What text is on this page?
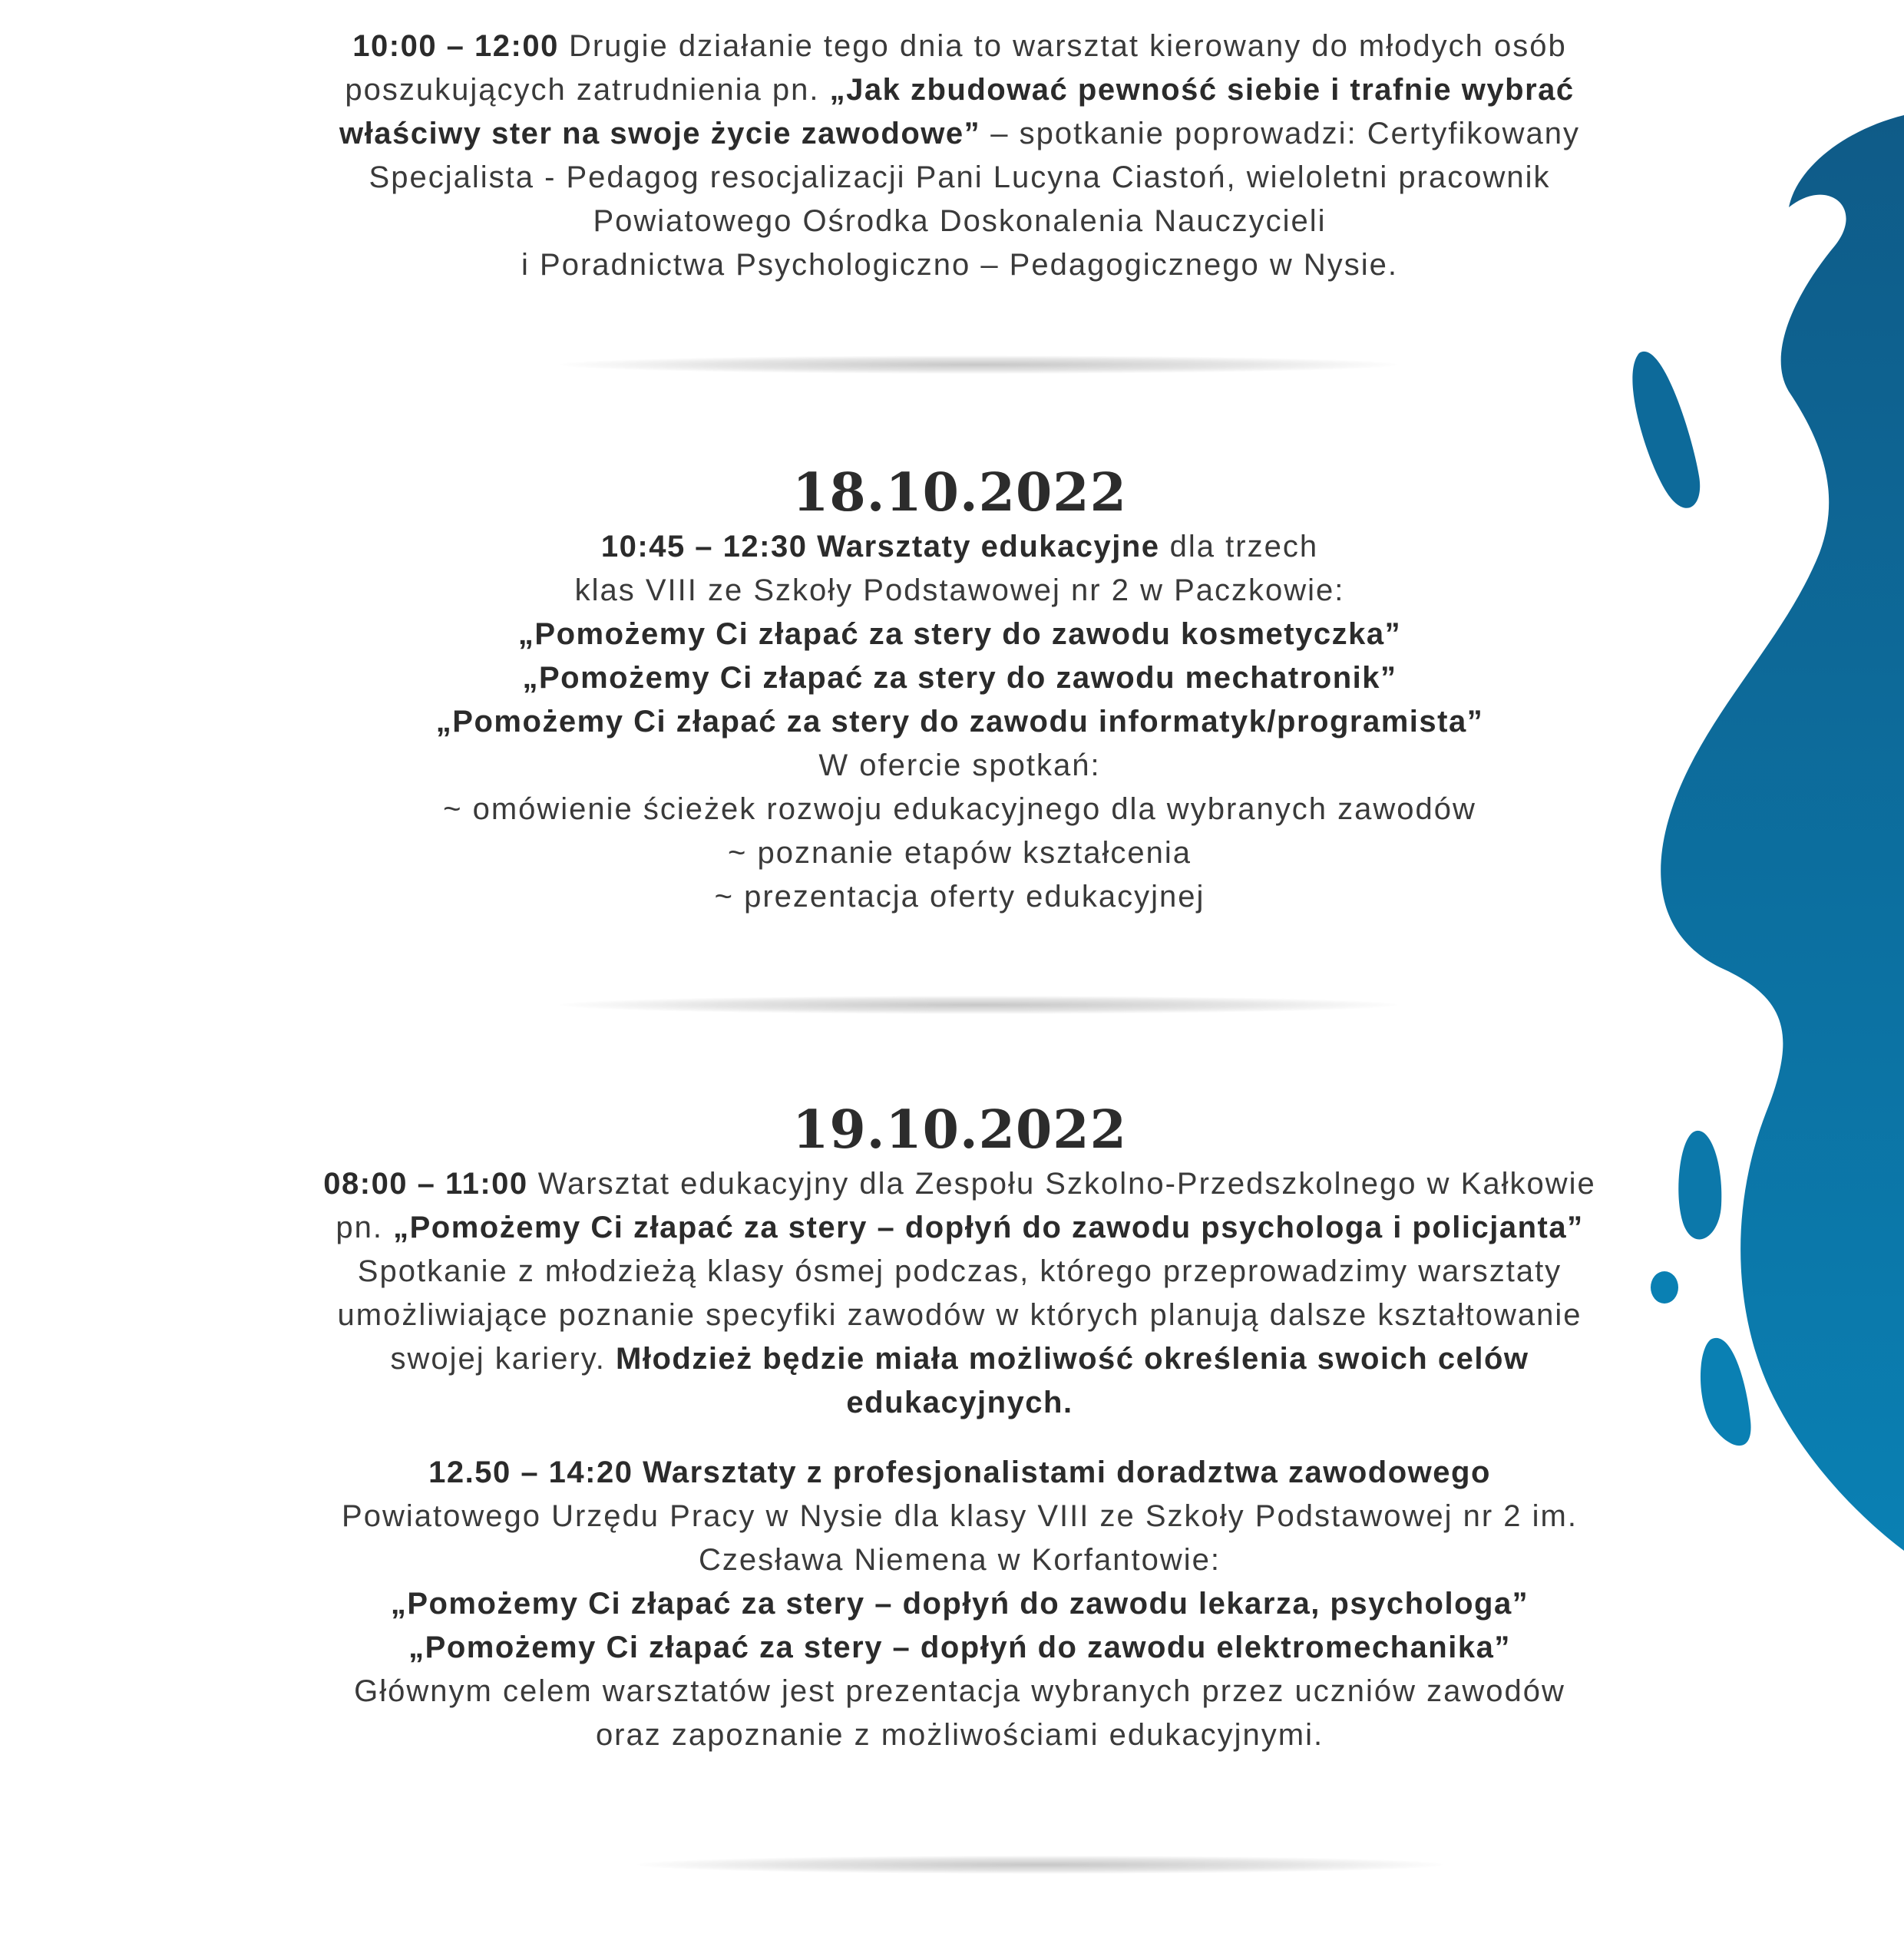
10:00 – 12:00 Drugie działanie tego dnia to warsztat kierowany do młodych osób
poszukujących zatrudnienia pn. „Jak zbudować pewność siebie i trafnie wybrać
właściwy ster na swoje życie zawodowe” – spotkanie poprowadzi: Certyfikowany
Specjalista - Pedagog resocjalizacji Pani Lucyna Ciastoń, wieloletni pracownik
Powiatowego Ośrodka Doskonalenia Nauczycieli
i Poradnictwa Psychologiczno – Pedagogicznego w Nysie.
18.10.2022
10:45 – 12:30 Warsztaty edukacyjne dla trzech
klas VIII ze Szkoły Podstawowej nr 2 w Paczkowie:
„Pomożemy Ci złapać za stery do zawodu kosmetyczka”
„Pomożemy Ci złapać za stery do zawodu mechatronik”
„Pomożemy Ci złapać za stery do zawodu informatyk/programista”
W ofercie spotkań:
~ omówienie ścieżek rozwoju edukacyjnego dla wybranych zawodów
~ poznanie etapów kształcenia
~ prezentacja oferty edukacyjnej
19.10.2022
08:00 – 11:00 Warsztat edukacyjny dla Zespołu Szkolno-Przedszkolnego w Kałkowie
pn. „Pomożemy Ci złapać za stery – dopłyń do zawodu psychologa i policjanta”
Spotkanie z młodzieżą klasy ósmej podczas, którego przeprowadzimy warsztaty
umożliwiające poznanie specyfiki zawodów w których planują dalsze kształtowanie
swojej kariery. Młodzież będzie miała możliwość określenia swoich celów
edukacyjnych.
12.50 – 14:20 Warsztaty z profesjonalistami doradztwa zawodowego
Powiatowego Urzędu Pracy w Nysie dla klasy VIII ze Szkoły Podstawowej nr 2 im.
Czesława Niemena w Korfantowie:
„Pomożemy Ci złapać za stery – dopłyń do zawodu lekarza, psychologa”
„Pomożemy Ci złapać za stery – dopłyń do zawodu elektromechanika”
Głównym celem warsztatów jest prezentacja wybranych przez uczniów zawodów
oraz zapoznanie z możliwościami edukacyjnymi.
